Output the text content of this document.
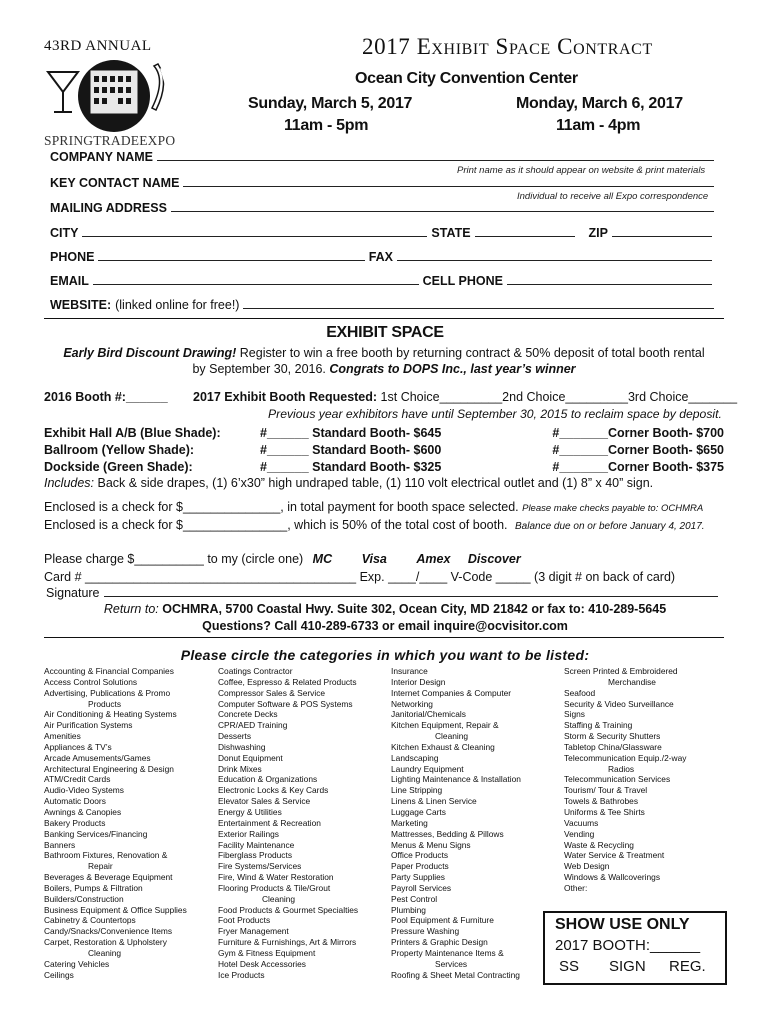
43RD ANNUAL	2017 Exhibit Space Contract
SPRINGTRADEEXPO
Ocean City Convention Center
Sunday, March 5, 2017
11am - 5pm
Monday, March 6, 2017
11am - 4pm
COMPANY NAME
Print name as it should appear on website & print materials
KEY CONTACT NAME
Individual to receive all Expo correspondence
MAILING ADDRESS
CITY	STATE	ZIP
PHONE	FAX
EMAIL	CELL PHONE
WEBSITE: (linked online for free!)
EXHIBIT SPACE
Early Bird Discount Drawing! Register to win a free booth by returning contract & 50% deposit of total booth rental
by September 30, 2016. Congrats to DOPS Inc., last year’s winner
2016 Booth #:______ 2017 Exhibit Booth Requested: 1st Choice_________2nd Choice_________3rd Choice_______
Previous year exhibitors have until September 30, 2015 to reclaim space by deposit.
Exhibit Hall A/B (Blue Shade):	#______ Standard Booth- $645	#_______Corner Booth- $700
Ballroom (Yellow Shade):	#______ Standard Booth- $600	#_______Corner Booth- $650
Dockside (Green Shade):	#______ Standard Booth- $325	#_______Corner Booth- $375
Includes: Back & side drapes, (1) 6’x30” high undraped table, (1) 110 volt electrical outlet and (1) 8” x 40” sign.
Enclosed is a check for $______________, in total payment for booth space selected. Please make checks payable to: OCHMRA
Enclosed is a check for $_______________, which is 50% of the total cost of booth. Balance due on or before January 4, 2017.
Please charge $__________ to my (circle one) MC Visa Amex Discover
Card # _______________________________________ Exp. ____/____ V-Code _____ (3 digit # on back of card)
Signature
Return to: OCHMRA, 5700 Coastal Hwy. Suite 302, Ocean City, MD 21842 or fax to: 410-289-5645
Questions? Call 410-289-6733 or email inquire@ocvisitor.com
Please circle the categories in which you want to be listed:
Accounting & Financial Companies
Access Control Solutions
Advertising, Publications & Promo
Products
Air Conditioning & Heating Systems
Air Purification Systems
Amenities
Appliances & TV’s
Arcade Amusements/Games
Architectural Engineering & Design
ATM/Credit Cards
Audio-Video Systems
Automatic Doors
Awnings & Canopies
Bakery Products
Banking Services/Financing
Banners
Bathroom Fixtures, Renovation &
Repair
Beverages & Beverage Equipment
Boilers, Pumps & Filtration
Builders/Construction
Business Equipment & Office Supplies
Cabinetry & Countertops
Candy/Snacks/Convenience Items
Carpet, Restoration & Upholstery
Cleaning
Catering Vehicles
Ceilings
Coatings Contractor
Coffee, Espresso & Related Products
Compressor Sales & Service
Computer Software & POS Systems
Concrete Decks
CPR/AED Training
Desserts
Dishwashing
Donut Equipment
Drink Mixes
Education & Organizations
Electronic Locks & Key Cards
Elevator Sales & Service
Energy & Utilities
Entertainment & Recreation
Exterior Railings
Facility Maintenance
Fiberglass Products
Fire Systems/Services
Fire, Wind & Water Restoration
Flooring Products & Tile/Grout
Cleaning
Food Products & Gourmet Specialties
Foot Products
Fryer Management
Furniture & Furnishings, Art & Mirrors
Gym & Fitness Equipment
Hotel Desk Accessories
Ice Products
Insurance
Interior Design
Internet Companies & Computer
Networking
Janitorial/Chemicals
Kitchen Equipment, Repair &
Cleaning
Kitchen Exhaust & Cleaning
Landscaping
Laundry Equipment
Lighting Maintenance & Installation
Line Stripping
Linens & Linen Service
Luggage Carts
Marketing
Mattresses, Bedding & Pillows
Menus & Menu Signs
Office Products
Paper Products
Party Supplies
Payroll Services
Pest Control
Plumbing
Pool Equipment & Furniture
Pressure Washing
Printers & Graphic Design
Property Maintenance Items &
Services
Roofing & Sheet Metal Contracting
Screen Printed & Embroidered
Merchandise
Seafood
Security & Video Surveillance
Signs
Staffing & Training
Storm & Security Shutters
Tabletop China/Glassware
Telecommunication Equip./2-way
Radios
Telecommunication Services
Tourism/ Tour & Travel
Towels & Bathrobes
Uniforms & Tee Shirts
Vacuums
Vending
Waste & Recycling
Water Service & Treatment
Web Design
Windows & Wallcoverings
Other:
SHOW USE ONLY
2017 BOOTH:______
SS SIGN REG.
